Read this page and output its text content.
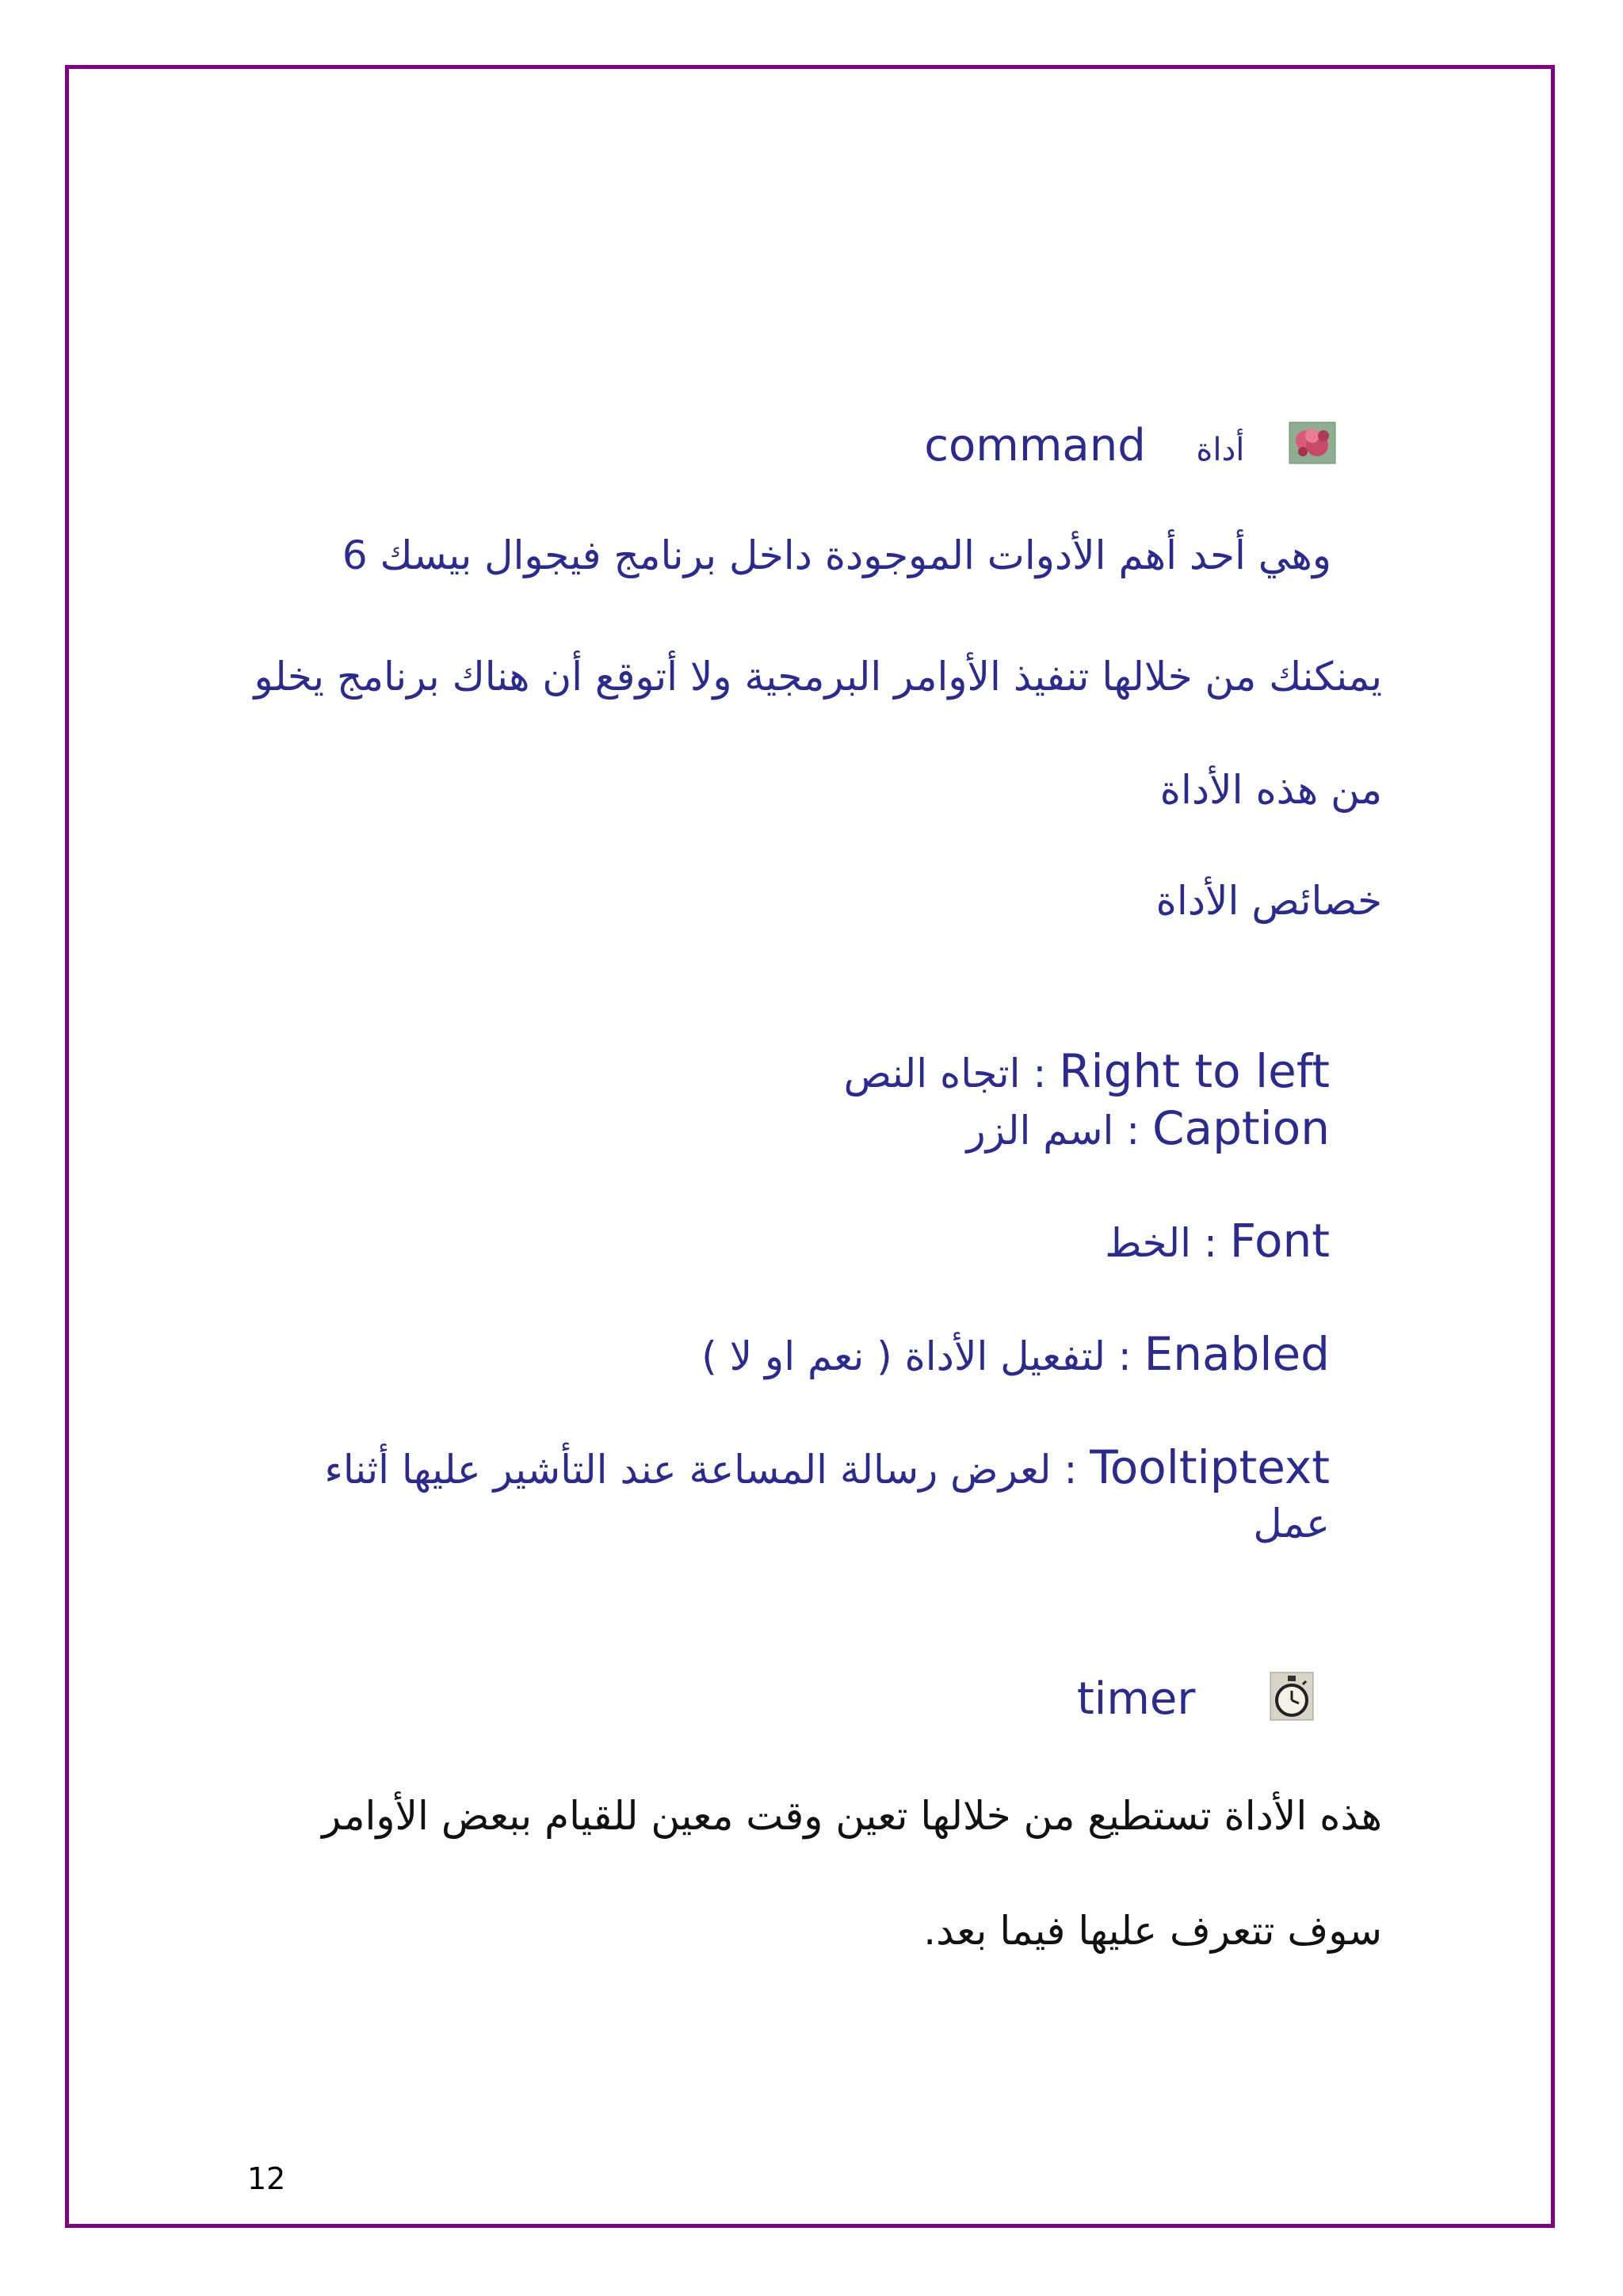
command أداة
وهي أحد أهم الأدوات الموجودة داخل برنامج فيجوال بيسك 6
يمنكنك من خلالها تنفيذ الأوامر البرمجية ولا أتوقع أن هناك برنامج يخلو
من هذه الأداة
خصائص الأداة
اتجاه النص : Right to left
اسم الزر : Caption
الخط : Font
لتفعيل الأداة ( نعم او لا ) : Enabled
لعرض رسالة المساعة عند التأشير عليها أثناء : Tooltiptext
عمل
timer
هذه الأداة تستطيع من خلالها تعين وقت معين للقيام ببعض الأوامر
سوف تتعرف عليها فيما بعد.
12
